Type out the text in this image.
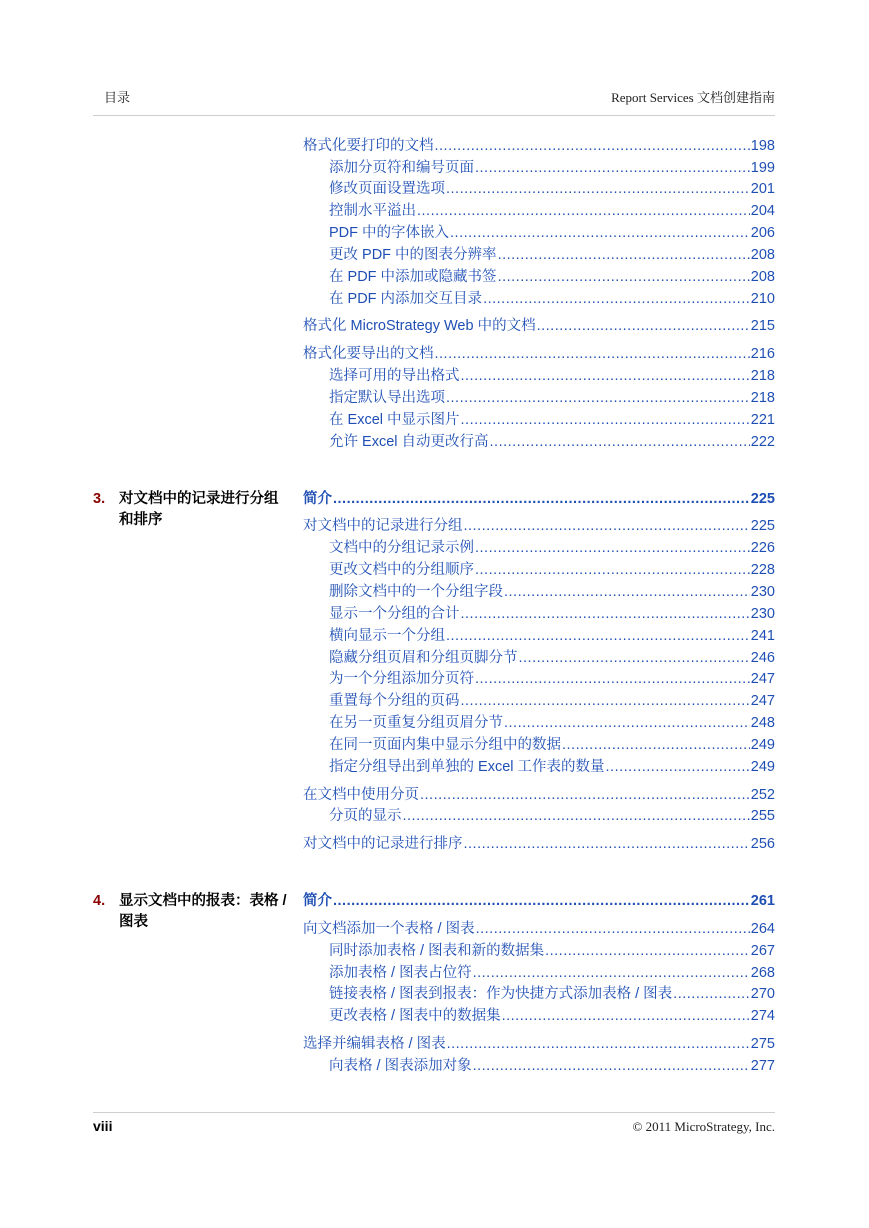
目录	Report Services 文档创建指南
3. 对文档中的记录进行分组和排序
4. 显示文档中的报表：表格 / 图表
格式化要打印的文档 .....	198
添加分页符和编号页面 .....	199
修改页面设置选项 .....	201
控制水平溢出 .....	204
PDF 中的字体嵌入 .....	206
更改 PDF 中的图表分辨率 .....	208
在 PDF 中添加或隐藏书签 .....	208
在 PDF 内添加交互目录 .....	210
格式化 MicroStrategy Web 中的文档 .....	215
格式化要导出的文档 .....	216
选择可用的导出格式 .....	218
指定默认导出选项 .....	218
在 Excel 中显示图片 .....	221
允许 Excel 自动更改行高 .....	222
简介 .....	225
对文档中的记录进行分组 .....	225
文档中的分组记录示例 .....	226
更改文档中的分组顺序 .....	228
删除文档中的一个分组字段 .....	230
显示一个分组的合计 .....	230
横向显示一个分组 .....	241
隐藏分组页眉和分组页脚分节 .....	246
为一个分组添加分页符 .....	247
重置每个分组的页码 .....	247
在另一页重复分组页眉分节 .....	248
在同一页面内集中显示分组中的数据 .....	249
指定分组导出到单独的 Excel 工作表的数量 .....	249
在文档中使用分页 .....	252
分页的显示 .....	255
对文档中的记录进行排序 .....	256
简介 .....	261
向文档添加一个表格 / 图表 .....	264
同时添加表格 / 图表和新的数据集 .....	267
添加表格 / 图表占位符 .....	268
链接表格 / 图表到报表：作为快捷方式添加表格 / 图表 .....	270
更改表格 / 图表中的数据集 .....	274
选择并编辑表格 / 图表 .....	275
向表格 / 图表添加对象 .....	277
viii	© 2011 MicroStrategy, Inc.
